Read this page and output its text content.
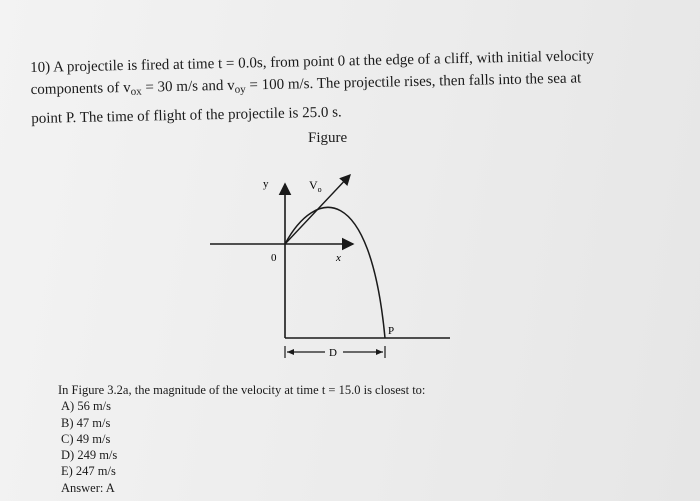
10) A projectile is fired at time t = 0.0s, from point 0 at the edge of a cliff, with initial velocity

components of $v_{ox} = 30$ m/s and $v_{oy} = 100$ m/s. The projectile rises, then falls into the sea at

point P. The time of flight of the projectile is 25.0 s.

Figure
y	$V_o$
0	x
P
D

In Figure 3.2a, the magnitude of the velocity at time t = 15.0 is closest to:

A) 56 m/s

B) 47 m/s

C) 49 m/s

D) 249 m/s

E) 247 m/s

Answer: A
